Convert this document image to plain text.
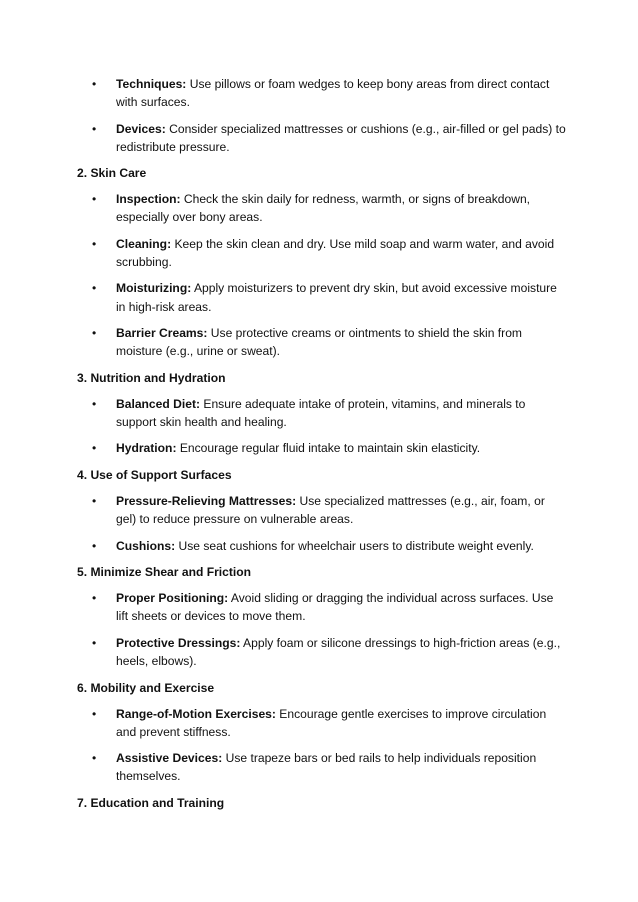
• Techniques: Use pillows or foam wedges to keep bony areas from direct contact with surfaces.
• Devices: Consider specialized mattresses or cushions (e.g., air-filled or gel pads) to redistribute pressure.
2. Skin Care
• Inspection: Check the skin daily for redness, warmth, or signs of breakdown, especially over bony areas.
• Cleaning: Keep the skin clean and dry. Use mild soap and warm water, and avoid scrubbing.
• Moisturizing: Apply moisturizers to prevent dry skin, but avoid excessive moisture in high-risk areas.
• Barrier Creams: Use protective creams or ointments to shield the skin from moisture (e.g., urine or sweat).
3. Nutrition and Hydration
• Balanced Diet: Ensure adequate intake of protein, vitamins, and minerals to support skin health and healing.
• Hydration: Encourage regular fluid intake to maintain skin elasticity.
4. Use of Support Surfaces
• Pressure-Relieving Mattresses: Use specialized mattresses (e.g., air, foam, or gel) to reduce pressure on vulnerable areas.
• Cushions: Use seat cushions for wheelchair users to distribute weight evenly.
5. Minimize Shear and Friction
• Proper Positioning: Avoid sliding or dragging the individual across surfaces. Use lift sheets or devices to move them.
• Protective Dressings: Apply foam or silicone dressings to high-friction areas (e.g., heels, elbows).
6. Mobility and Exercise
• Range-of-Motion Exercises: Encourage gentle exercises to improve circulation and prevent stiffness.
• Assistive Devices: Use trapeze bars or bed rails to help individuals reposition themselves.
7. Education and Training
